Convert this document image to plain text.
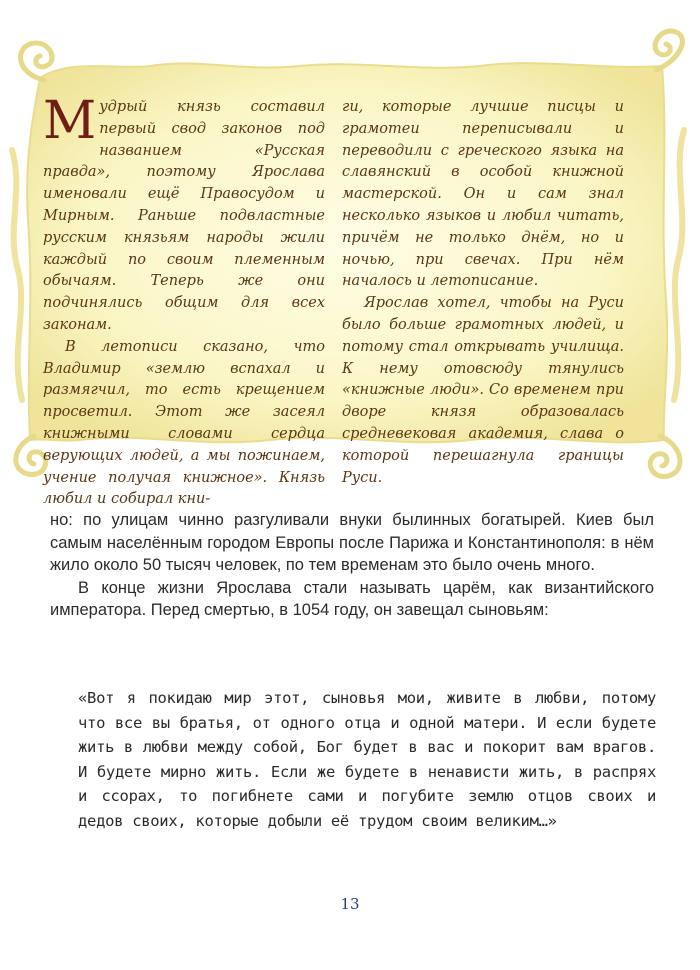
Мудрый князь составил первый свод законов под названием «Русская правда», поэтому Ярослава именовали ещё Правосудом и Мирным. Раньше подвластные русским князьям народы жили каждый по своим племенным обычаям. Теперь же они подчинялись общим для всех законам.

В летописи сказано, что Владимир «землю вспахал и размягчил, то есть крещением просветил. Этот же засеял книжными словами сердца верующих людей, а мы пожинаем, учение получая книжное». Князь любил и собирал кни-

ги, которые лучшие писцы и грамотеи переписывали и переводили с греческого языка на славянский в особой книжной мастерской. Он и сам знал несколько языков и любил читать, причём не только днём, но и ночью, при свечах. При нём началось и летописание.

Ярослав хотел, чтобы на Руси было больше грамотных людей, и потому стал открывать училища. К нему отовсюду тянулись «книжные люди». Со временем при дворе князя образовалась средневековая академия, слава о которой перешагнула границы Руси.

но: по улицам чинно разгуливали внуки былинных богатырей. Киев был самым населённым городом Европы после Парижа и Константинополя: в нём жило около 50 тысяч человек, по тем временам это было очень много.

В конце жизни Ярослава стали называть царём, как византийского императора. Перед смертью, в 1054 году, он завещал сыновьям:

«Вот я покидаю мир этот, сыновья мои, живите в любви, потому что все вы братья, от одного отца и одной матери. И если будете жить в любви между собой, Бог будет в вас и покорит вам врагов. И будете мирно жить. Если же будете в ненависти жить, в распрях и ссорах, то погибнете сами и погубите землю отцов своих и дедов своих, которые добыли её трудом своим великим…»

13
